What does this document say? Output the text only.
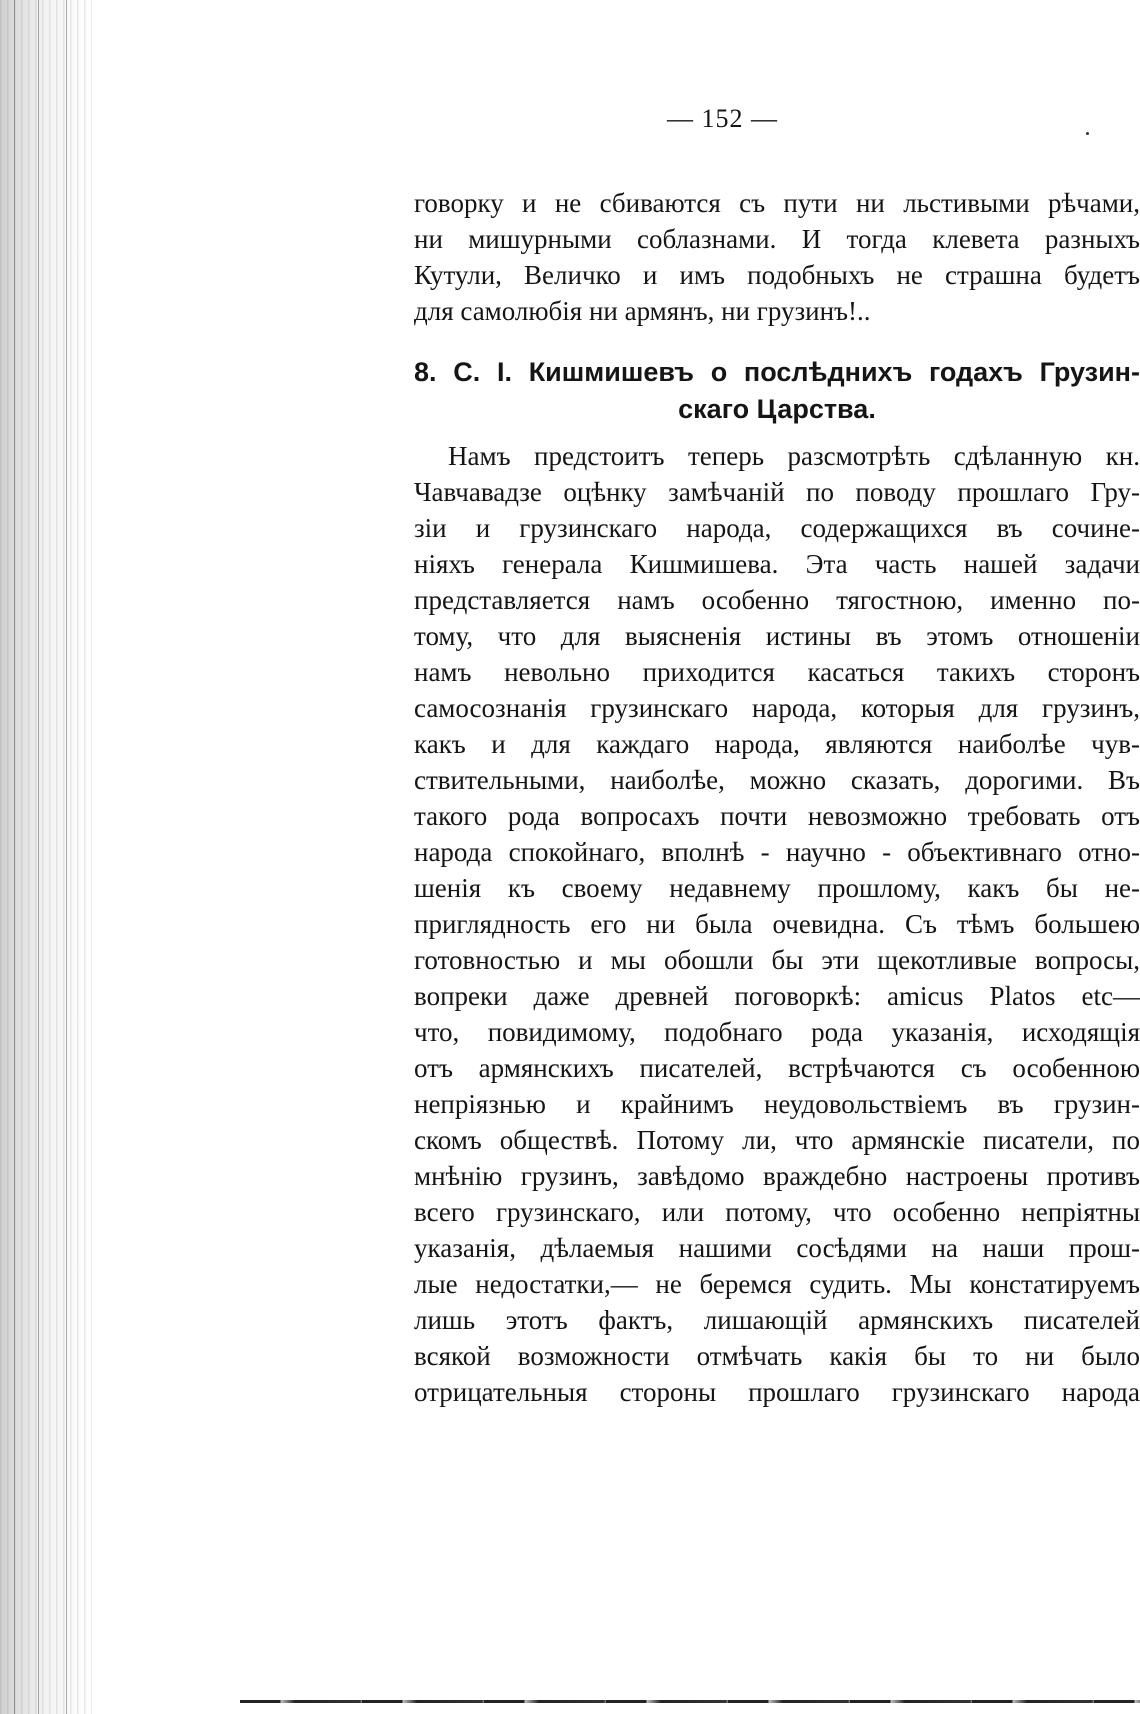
— 152 —
говорку и не сбиваются съ пути ни льстивыми рѣчами,
ни мишурными соблазнами. И тогда клевета разныхъ
Кутули, Величко и имъ подобныхъ не страшна будетъ
для самолюбія ни армянъ, ни грузинъ!..
8. С. I. Кишмишевъ о послѣднихъ годахъ Грузин-
скаго Царства.
Намъ предстоитъ теперь разсмотрѣть сдѣланную кн.
Чавчавадзе оцѣнку замѣчаній по поводу прошлаго Гру-
зіи и грузинскаго народа, содержащихся въ сочине-
ніяхъ генерала Кишмишева. Эта часть нашей задачи
представляется намъ особенно тягостною, именно по-
тому, что для выясненія истины въ этомъ отношеніи
намъ невольно приходится касаться такихъ сторонъ
самосознанія грузинскаго народа, которыя для грузинъ,
какъ и для каждаго народа, являются наиболѣе чув-
ствительными, наиболѣе, можно сказать, дорогими. Въ
такого рода вопросахъ почти невозможно требовать отъ
народа спокойнаго, вполнѣ - научно - объективнаго отно-
шенія къ своему недавнему прошлому, какъ бы не-
приглядность его ни была очевидна. Съ тѣмъ большею
готовностью и мы обошли бы эти щекотливые вопросы,
вопреки даже древней поговоркѣ: amicus Platos etc—
что, повидимому, подобнаго рода указанія, исходящія
отъ армянскихъ писателей, встрѣчаются съ особенною
непріязнью и крайнимъ неудовольствіемъ въ грузин-
скомъ обществѣ. Потому ли, что армянскіе писатели, по
мнѣнію грузинъ, завѣдомо враждебно настроены противъ
всего грузинскаго, или потому, что особенно непріятны
указанія, дѣлаемыя нашими сосѣдями на наши прош-
лые недостатки,— не беремся судить. Мы констатируемъ
лишь этотъ фактъ, лишающій армянскихъ писателей
всякой возможности отмѣчать какія бы то ни было
отрицательныя стороны прошлаго грузинскаго народа
